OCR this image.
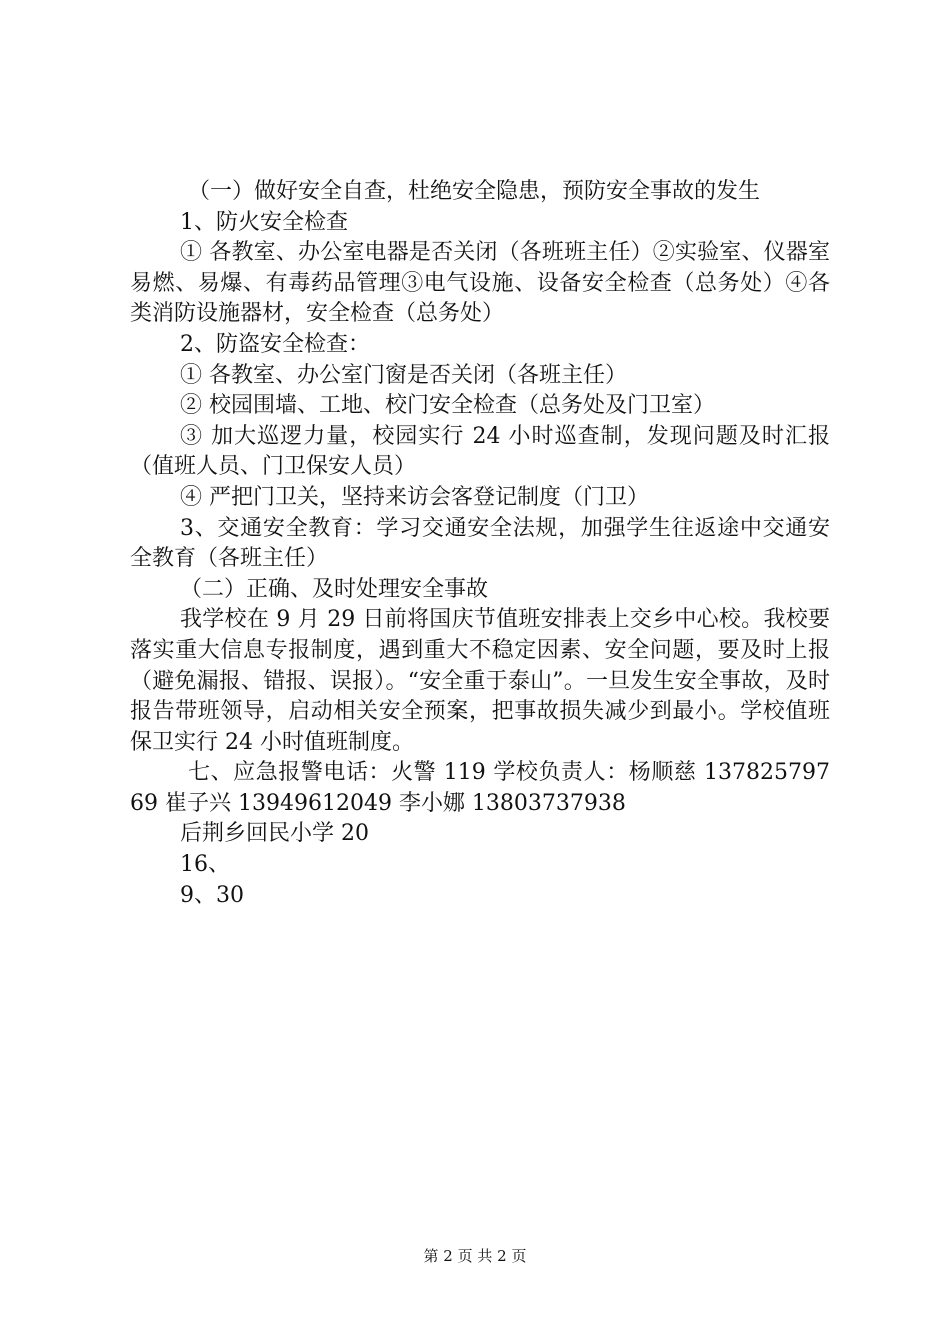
（一）做好安全自查，杜绝安全隐患，预防安全事故的发生

1、防火安全检查

① 各教室、办公室电器是否关闭（各班班主任）②实验室、仪器室易燃、易爆、有毒药品管理③电气设施、设备安全检查（总务处）④各类消防设施器材，安全检查（总务处）

2、防盗安全检查：

① 各教室、办公室门窗是否关闭（各班主任）

② 校园围墙、工地、校门安全检查（总务处及门卫室）

③ 加大巡逻力量，校园实行 24 小时巡查制，发现问题及时汇报（值班人员、门卫保安人员）

④ 严把门卫关，坚持来访会客登记制度（门卫）

3、交通安全教育：学习交通安全法规，加强学生往返途中交通安全教育（各班主任）

（二）正确、及时处理安全事故

我学校在 9 月 29 日前将国庆节值班安排表上交乡中心校。我校要落实重大信息专报制度，遇到重大不稳定因素、安全问题，要及时上报（避免漏报、错报、误报）。“安全重于泰山”。一旦发生安全事故，及时报告带班领导，启动相关安全预案，把事故损失减少到最小。学校值班保卫实行 24 小时值班制度。

七、应急报警电话：火警 119 学校负责人：杨顺慈 13782579769 崔子兴 13949612049 李小娜 13803737938

后荆乡回民小学 20

16、

9、30

第 2 页 共 2 页
